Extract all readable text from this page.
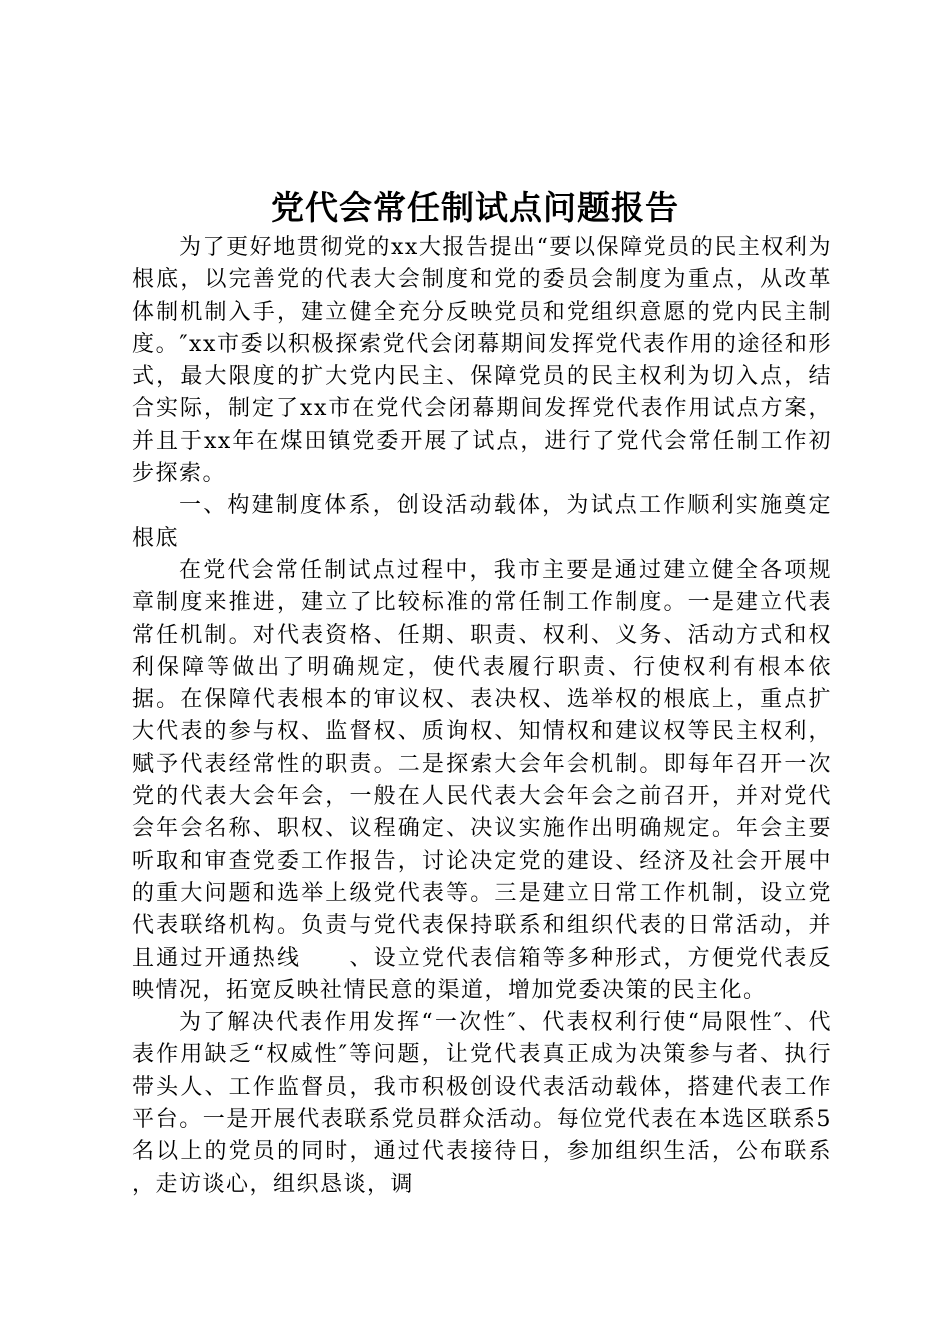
党代会常任制试点问题报告

为了更好地贯彻党的xx大报告提出“要以保障党员的民主权利为根底，以完善党的代表大会制度和党的委员会制度为重点，从改革体制机制入手，建立健全充分反映党员和党组织意愿的党内民主制度。″xx市委以积极探索党代会闭幕期间发挥党代表作用的途径和形式，最大限度的扩大党内民主、保障党员的民主权利为切入点，结合实际，制定了xx市在党代会闭幕期间发挥党代表作用试点方案，并且于xx年在煤田镇党委开展了试点，进行了党代会常任制工作初步探索。

一、构建制度体系，创设活动载体，为试点工作顺利实施奠定根底

在党代会常任制试点过程中，我市主要是通过建立健全各项规章制度来推进，建立了比较标准的常任制工作制度。一是建立代表常任机制。对代表资格、任期、职责、权利、义务、活动方式和权利保障等做出了明确规定，使代表履行职责、行使权利有根本依据。在保障代表根本的审议权、表决权、选举权的根底上，重点扩大代表的参与权、监督权、质询权、知情权和建议权等民主权利，赋予代表经常性的职责。二是探索大会年会机制。即每年召开一次党的代表大会年会，一般在人民代表大会年会之前召开，并对党代会年会名称、职权、议程确定、决议实施作出明确规定。年会主要听取和审查党委工作报告，讨论决定党的建设、经济及社会开展中的重大问题和选举上级党代表等。三是建立日常工作机制，设立党代表联络机构。负责与党代表保持联系和组织代表的日常活动，并且通过开通热线　　、设立党代表信箱等多种形式，方便党代表反映情况，拓宽反映社情民意的渠道，增加党委决策的民主化。

为了解决代表作用发挥“一次性″、代表权利行使“局限性″、代表作用缺乏“权威性″等问题，让党代表真正成为决策参与者、执行带头人、工作监督员，我市积极创设代表活动载体，搭建代表工作平台。一是开展代表联系党员群众活动。每位党代表在本选区联系5名以上的党员的同时，通过代表接待日，参加组织生活，公布联系　　，走访谈心，组织恳谈，调
